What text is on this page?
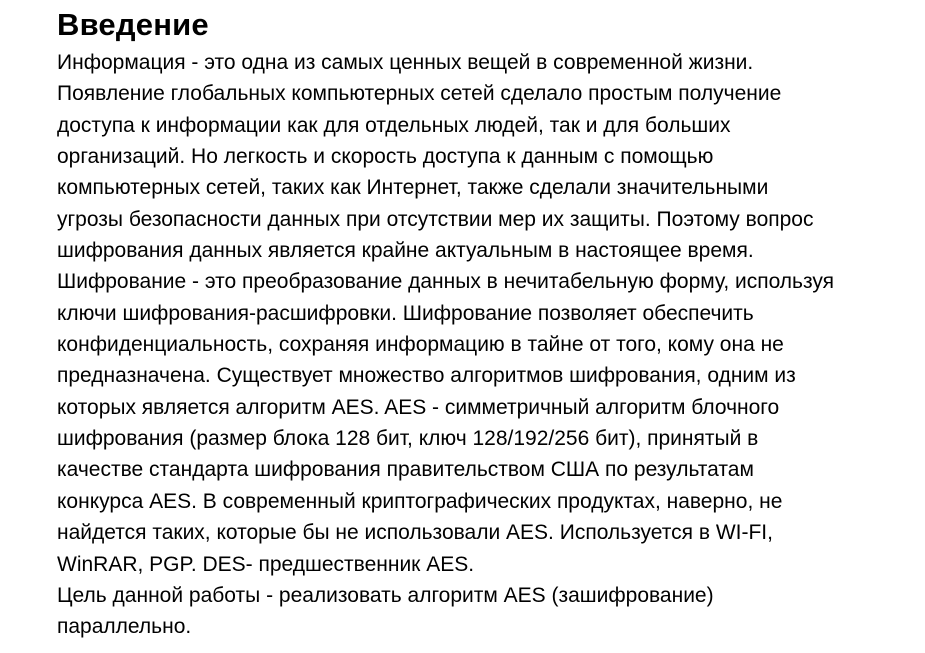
Введение
Информация - это одна из самых ценных вещей в современной жизни.
Появление глобальных компьютерных сетей сделало простым получение
доступа к информации как для отдельных людей, так и для больших
организаций. Но легкость и скорость доступа к данным с помощью
компьютерных сетей, таких как Интернет, также сделали значительными
угрозы безопасности данных при отсутствии мер их защиты. Поэтому вопрос
шифрования данных является крайне актуальным в настоящее время.
Шифрование - это преобразование данных в нечитабельную форму, используя
ключи шифрования-расшифровки. Шифрование позволяет обеспечить
конфиденциальность, сохраняя информацию в тайне от того, кому она не
предназначена. Существует множество алгоритмов шифрования, одним из
которых является алгоритм AES. AES - симметричный алгоритм блочного
шифрования (размер блока 128 бит, ключ 128/192/256 бит), принятый в
качестве стандарта шифрования правительством США по результатам
конкурса AES. В современный криптографических продуктах, наверно, не
найдется таких, которые бы не использовали AES. Используется в WI-FI,
WinRAR, PGP. DES- предшественник AES.
Цель данной работы - реализовать алгоритм AES (зашифрование)
параллельно.
